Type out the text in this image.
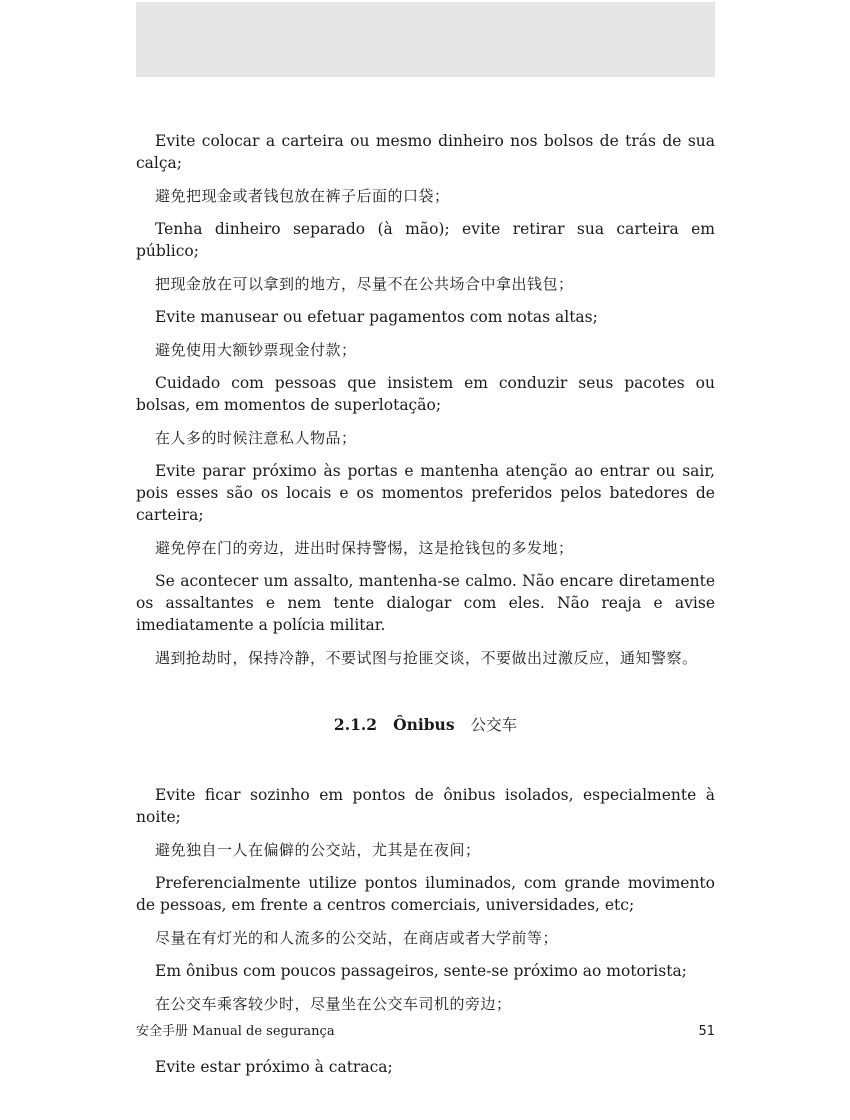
Evite colocar a carteira ou mesmo dinheiro nos bolsos de trás de sua calça;

避免把现金或者钱包放在裤子后面的口袋；

Tenha dinheiro separado (à mão); evite retirar sua carteira em público;

把现金放在可以拿到的地方，尽量不在公共场合中拿出钱包；

Evite manusear ou efetuar pagamentos com notas altas;

避免使用大额钞票现金付款；

Cuidado com pessoas que insistem em conduzir seus pacotes ou bolsas, em momentos de superlotação;

在人多的时候注意私人物品；

Evite parar próximo às portas e mantenha atenção ao entrar ou sair, pois esses são os locais e os momentos preferidos pelos batedores de carteira;

避免停在门的旁边，进出时保持警惕，这是抢钱包的多发地；

Se acontecer um assalto, mantenha-se calmo. Não encare diretamente os assaltantes e nem tente dialogar com eles. Não reaja e avise imediatamente a polícia militar.

遇到抢劫时，保持冷静，不要试图与抢匪交谈，不要做出过激反应，通知警察。

2.1.2 Ônibus 公交车

Evite ficar sozinho em pontos de ônibus isolados, especialmente à noite;

避免独自一人在偏僻的公交站，尤其是在夜间；

Preferencialmente utilize pontos iluminados, com grande movimento de pessoas, em frente a centros comerciais, universidades, etc;

尽量在有灯光的和人流多的公交站，在商店或者大学前等；

Em ônibus com poucos passageiros, sente-se próximo ao motorista;

在公交车乘客较少时，尽量坐在公交车司机的旁边；

Evite estar próximo à catraca;

安全手册 Manual de segurança	51
